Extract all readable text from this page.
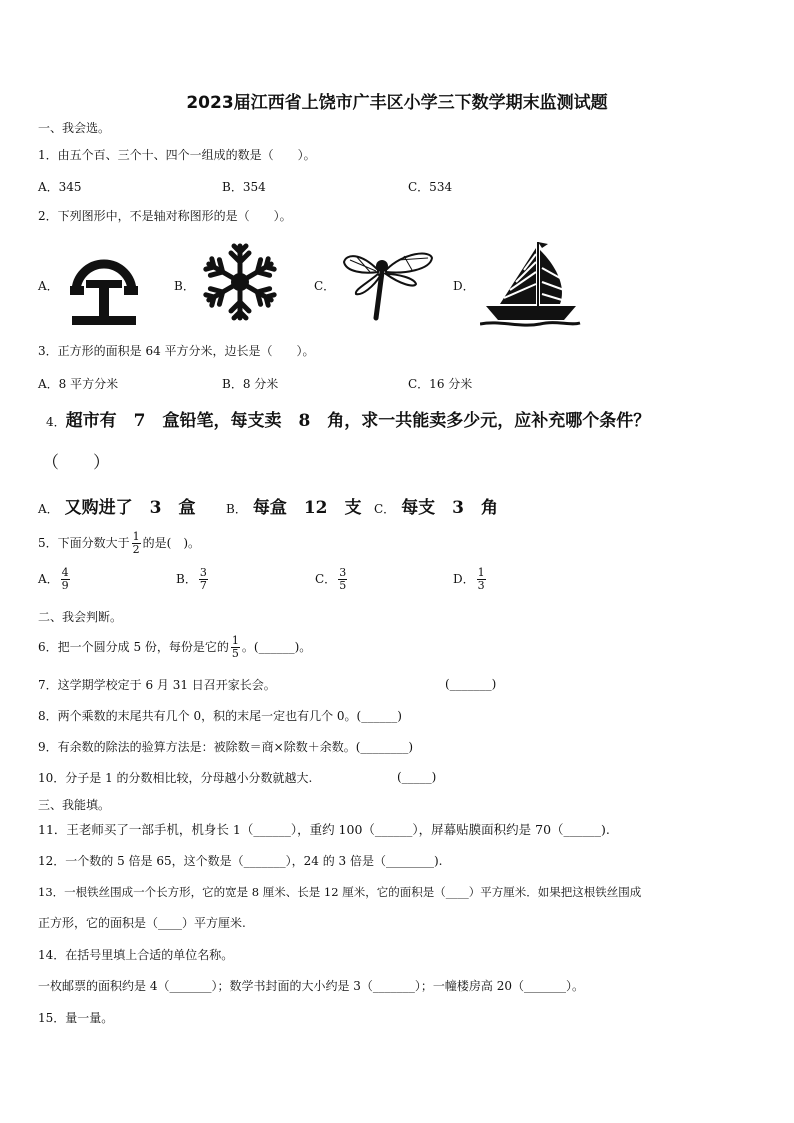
2023届江西省上饶市广丰区小学三下数学期末监测试题
一、我会选。
1．由五个百、三个十、四个一组成的数是（　　）。
A．345	B．354	C．534
2．下列图形中，不是轴对称图形的是（　　）。
A．	B．	C．	D．
3．正方形的面积是 64 平方分米，边长是（　　）。
A．8 平方分米	B．8 分米	C．16 分米
4．超市有　7　盒铅笔，每支卖　8　角，求一共能卖多少元，应补充哪个条件？
（　　）
A． 又购进了　3　盒	B． 每盒　12　支 C． 每支　3　角
5．下面分数大于 $\frac{1}{2}$ 的是(　)。
A． $\frac{4}{9}$	B． $\frac{3}{7}$	C． $\frac{3}{5}$	D． $\frac{1}{3}$
二、我会判断。
6．把一个圆分成 5 份，每份是它的 $\frac{1}{5}$ 。(______)。
7．这学期学校定于 6 月 31 日召开家长会。	(_______)
8．两个乘数的末尾共有几个 0，积的末尾一定也有几个 0。(______)
9．有余数的除法的验算方法是：被除数＝商×除数＋余数。(________)
10．分子是 1 的分数相比较，分母越小分数就越大.	(_____)
三、我能填。
11．王老师买了一部手机，机身长 1（______），重约 100（______），屏幕贴膜面积约是 70（______).
12．一个数的 5 倍是 65，这个数是（_______），24 的 3 倍是（________).
13．一根铁丝围成一个长方形，它的宽是 8 厘米、长是 12 厘米，它的面积是（____）平方厘米．如果把这根铁丝围成
正方形，它的面积是（____）平方厘米.
14．在括号里填上合适的单位名称。
一枚邮票的面积约是 4（_______）；数学书封面的大小约是 3（_______）；一幢楼房高 20（_______）。
15．量一量。
